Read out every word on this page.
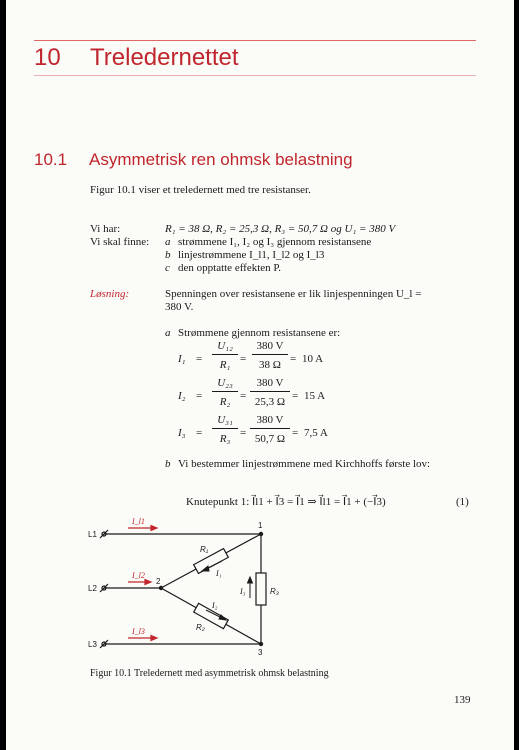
10 Treledernettet
10.1 Asymmetrisk ren ohmsk belastning
Figur 10.1 viser et treledernett med tre resistanser.
Vi har:	R₁ = 38 Ω, R₂ = 25,3 Ω, R₃ = 50,7 Ω og U₁ = 380 V
Vi skal finne: a strømmene I₁, I₂ og I₃ gjennom resistansene
b linjestrømmene I_l1, I_l2 og I_l3
c den opptatte effekten P.
Løsning:	Spenningen over resistansene er lik linjespenningen U_l =
380 V.
a Strømmene gjennom resistansene er:
I₁ =
U₁₂
R₁ =
380 V
38 Ω = 10 A
I₂ =
U₂₃
R₂ =
380 V
25,3 Ω = 15 A
I₃ =
U₃₁
R₃ =
380 V
50,7 Ω = 7,5 A
b Vi bestemmer linjestrømmene med Kirchhoffs første lov:
Knutepunkt 1: I⃗l1 + I⃗3 = I⃗1 ⇒ I⃗l1 = I⃗1 + (−I⃗3)	(1)
L1
L2
L3
1
2
3
R₁
R₂
R₃
I_l1
I_l2
I_l3
I₁
I₂
I₃
Figur 10.1 Treledernett med asymmetrisk ohmsk belastning
139
